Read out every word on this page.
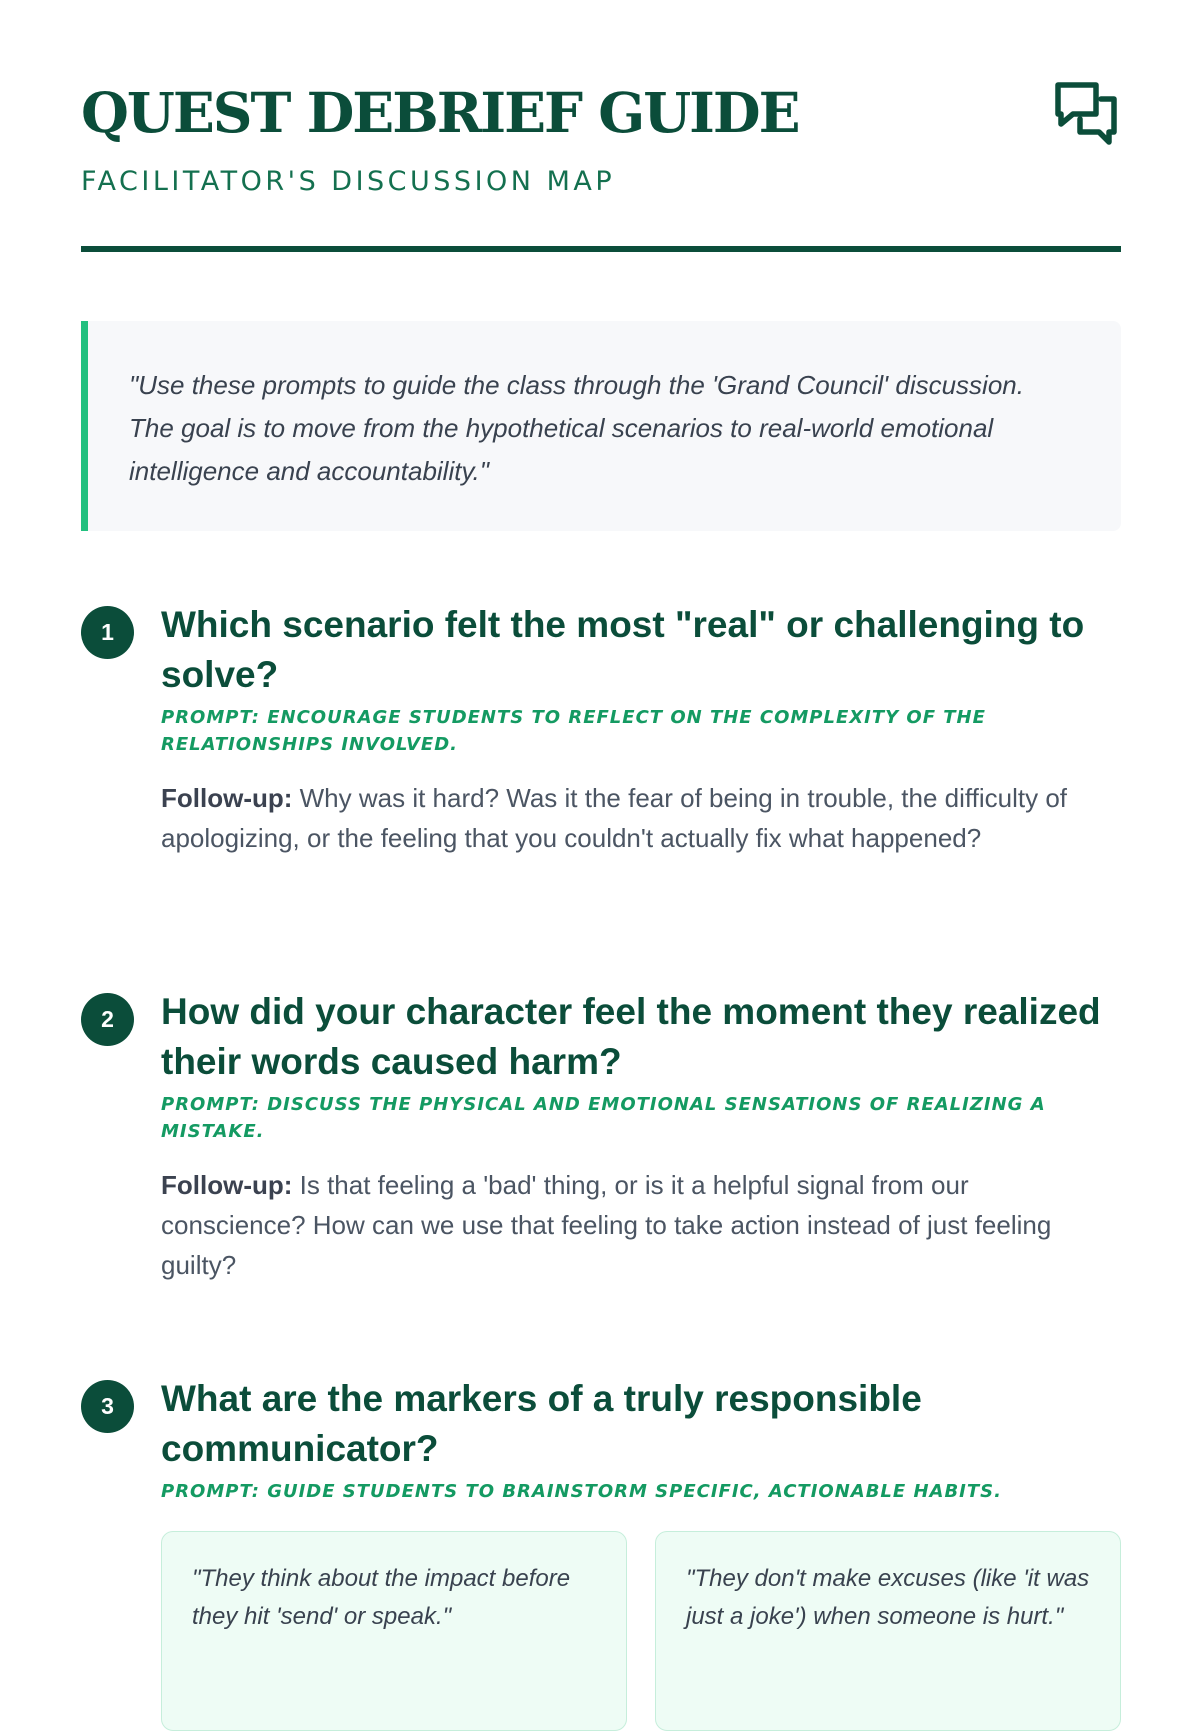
QUEST DEBRIEF GUIDE
FACILITATOR'S DISCUSSION MAP

"Use these prompts to guide the class through the 'Grand Council' discussion. The goal is to move from the hypothetical scenarios to real-world emotional intelligence and accountability."

1	Which scenario felt the most "real" or challenging to solve?
PROMPT: ENCOURAGE STUDENTS TO REFLECT ON THE COMPLEXITY OF THE RELATIONSHIPS INVOLVED.

Follow-up: Why was it hard? Was it the fear of being in trouble, the difficulty of apologizing, or the feeling that you couldn't actually fix what happened?

2	How did your character feel the moment they realized their words caused harm?
PROMPT: DISCUSS THE PHYSICAL AND EMOTIONAL SENSATIONS OF REALIZING A MISTAKE.

Follow-up: Is that feeling a 'bad' thing, or is it a helpful signal from our conscience? How can we use that feeling to take action instead of just feeling guilty?

3	What are the markers of a truly responsible communicator?
PROMPT: GUIDE STUDENTS TO BRAINSTORM SPECIFIC, ACTIONABLE HABITS.

"They think about the impact before they hit 'send' or speak."

"They don't make excuses (like 'it was just a joke') when someone is hurt."
